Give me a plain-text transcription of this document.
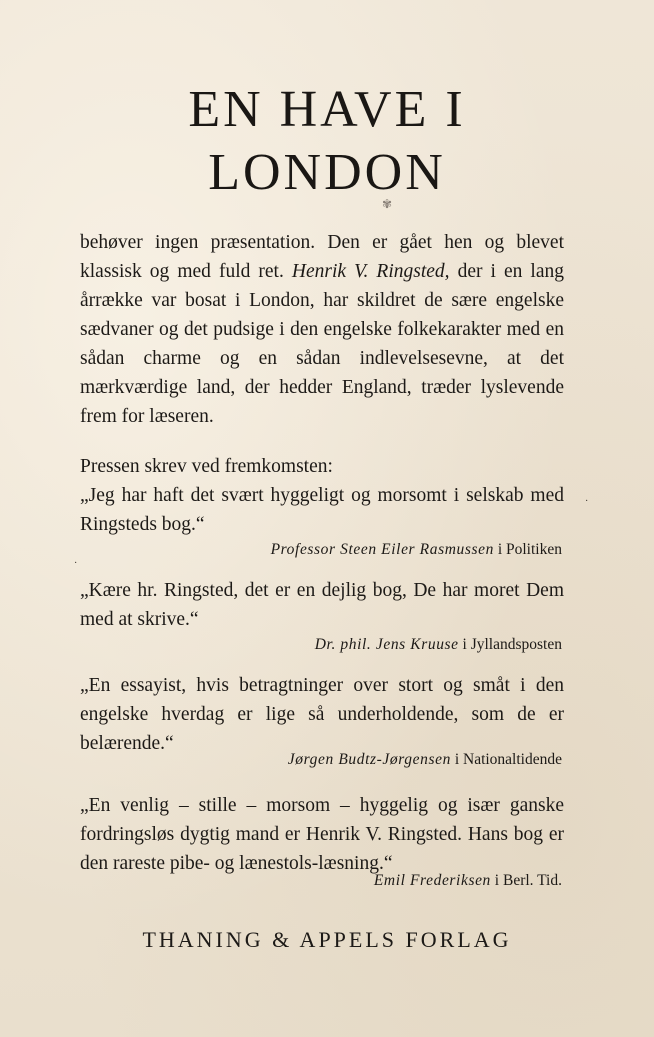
EN HAVE I
LONDON
✾

behøver ingen præsentation. Den er gået hen og blevet klassisk og med fuld ret. Henrik V. Ringsted, der i en lang årrække var bosat i London, har skildret de sære engelske sædvaner og det pudsige i den engelske folkekarakter med en sådan charme og en sådan indlevelsesevne, at det mærkværdige land, der hedder England, træder lyslevende frem for læseren.

Pressen skrev ved fremkomsten:

„Jeg har haft det svært hyggeligt og morsomt i selskab med Ringsteds bog.“

Professor Steen Eiler Rasmussen i Politiken

„Kære hr. Ringsted, det er en dejlig bog, De har moret Dem med at skrive.“

Dr. phil. Jens Kruuse i Jyllandsposten

„En essayist, hvis betragtninger over stort og småt i den engelske hverdag er lige så underholdende, som de er belærende.“

Jørgen Budtz-Jørgensen i Nationaltidende

„En venlig – stille – morsom – hyggelig og især ganske fordringsløs dygtig mand er Henrik V. Ringsted. Hans bog er den rareste pibe- og lænestols-læsning.“

Emil Frederiksen i Berl. Tid.
THANING & APPELS FORLAG
·
·
